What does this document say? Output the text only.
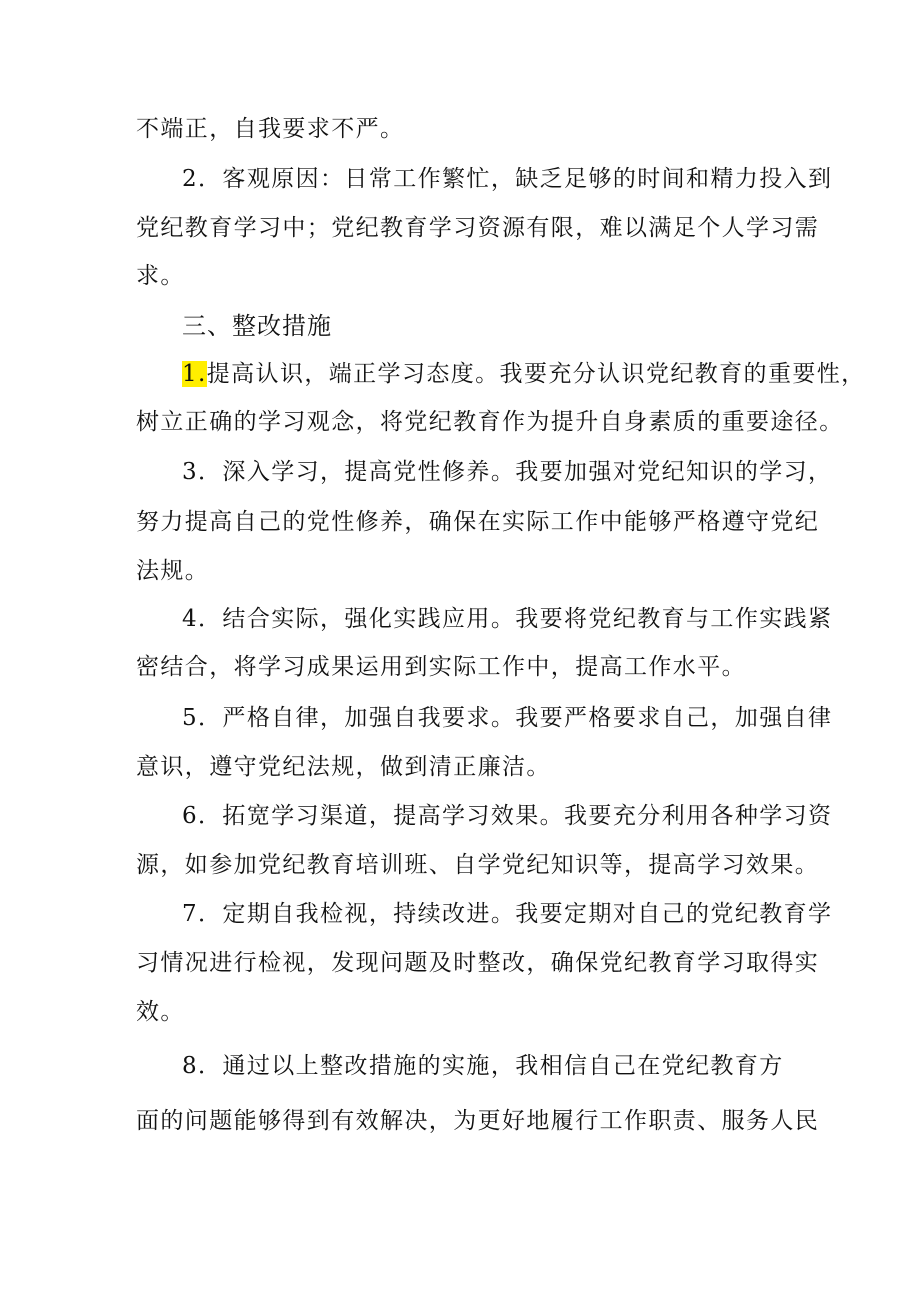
不端正，自我要求不严。
2．客观原因：日常工作繁忙，缺乏足够的时间和精力投入到
党纪教育学习中；党纪教育学习资源有限，难以满足个人学习需
求。
三、整改措施
1.提高认识，端正学习态度。我要充分认识党纪教育的重要性，
树立正确的学习观念，将党纪教育作为提升自身素质的重要途径。
3．深入学习，提高党性修养。我要加强对党纪知识的学习，
努力提高自己的党性修养，确保在实际工作中能够严格遵守党纪
法规。
4．结合实际，强化实践应用。我要将党纪教育与工作实践紧
密结合，将学习成果运用到实际工作中，提高工作水平。
5．严格自律，加强自我要求。我要严格要求自己，加强自律
意识，遵守党纪法规，做到清正廉洁。
6．拓宽学习渠道，提高学习效果。我要充分利用各种学习资
源，如参加党纪教育培训班、自学党纪知识等，提高学习效果。
7．定期自我检视，持续改进。我要定期对自己的党纪教育学
习情况进行检视，发现问题及时整改，确保党纪教育学习取得实
效。
8．通过以上整改措施的实施，我相信自己在党纪教育方
面的问题能够得到有效解决，为更好地履行工作职责、服务人民
